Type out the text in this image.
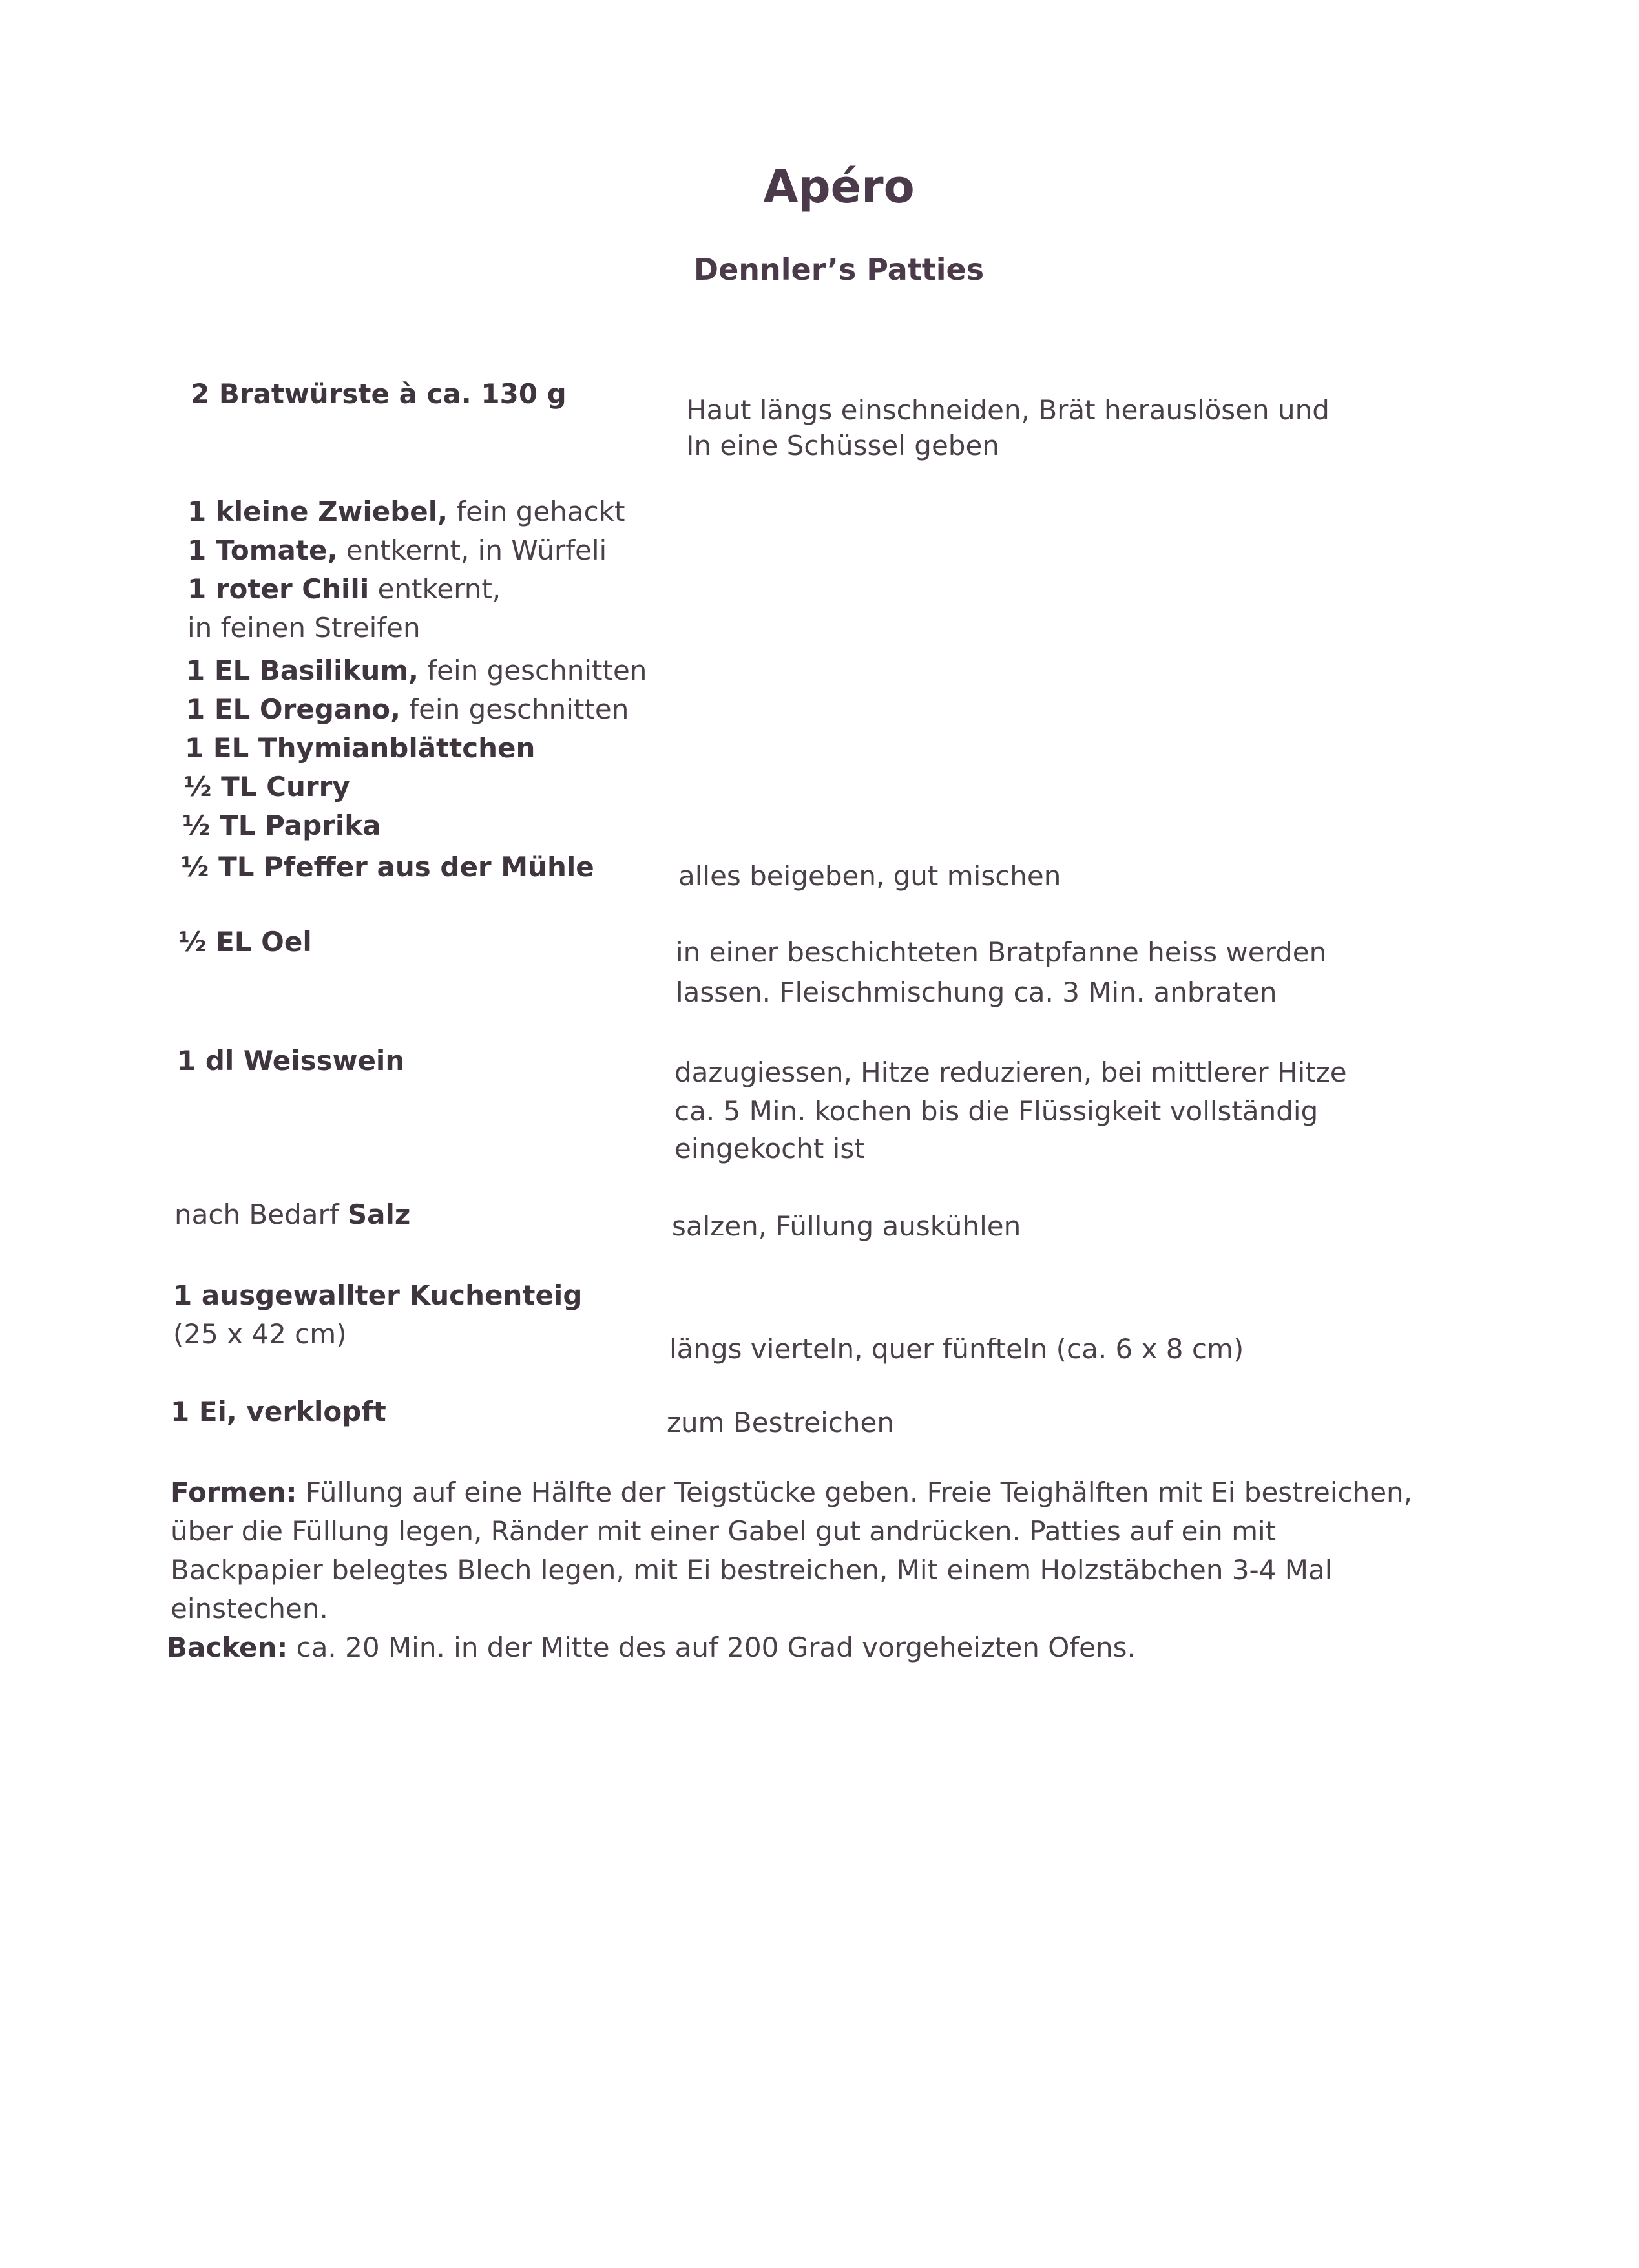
Apéro
Dennler’s Patties
2 Bratwürste à ca. 130 g
1 kleine Zwiebel, fein gehackt
1 Tomate, entkernt, in Würfeli
1 roter Chili entkernt,
in feinen Streifen
1 EL Basilikum, fein geschnitten
1 EL Oregano, fein geschnitten
1 EL Thymianblättchen
½ TL Curry
½ TL Paprika
½ TL Pfeffer aus der Mühle
½ EL Oel
1 dl Weisswein
nach Bedarf Salz
1 ausgewallter Kuchenteig
(25 x 42 cm)
1 Ei, verklopft
Haut längs einschneiden, Brät herauslösen und
In eine Schüssel geben
alles beigeben, gut mischen
in einer beschichteten Bratpfanne heiss werden
lassen. Fleischmischung ca. 3 Min. anbraten
dazugiessen, Hitze reduzieren, bei mittlerer Hitze
ca. 5 Min. kochen bis die Flüssigkeit vollständig
eingekocht ist
salzen, Füllung auskühlen
längs vierteln, quer fünfteln (ca. 6 x 8 cm)
zum Bestreichen
Formen: Füllung auf eine Hälfte der Teigstücke geben. Freie Teighälften mit Ei bestreichen, über die Füllung legen, Ränder mit einer Gabel gut andrücken. Patties auf ein mit Backpapier belegtes Blech legen, mit Ei bestreichen, Mit einem Holzstäbchen 3-4 Mal einstechen.
Backen: ca. 20 Min. in der Mitte des auf 200 Grad vorgeheizten Ofens.
